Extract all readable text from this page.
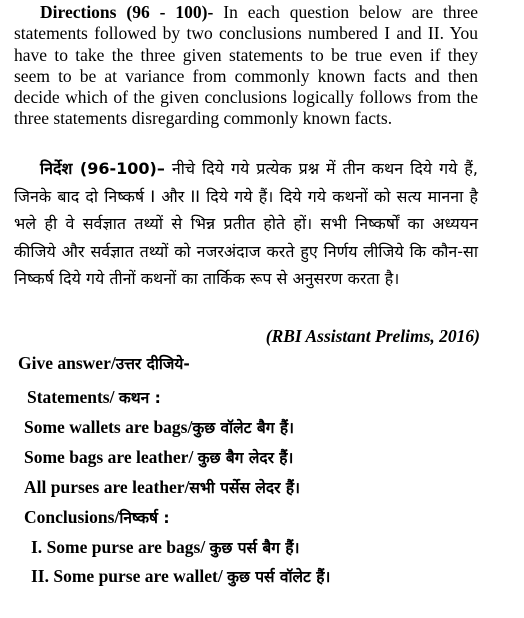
Directions (96 - 100)- In each question below are three statements followed by two conclusions numbered I and II. You have to take the three given statements to be true even if they seem to be at variance from commonly known facts and then decide which of the given conclusions logically follows from the three statements disregarding commonly known facts.
निर्देश (96-100)– नीचे दिये गये प्रत्येक प्रश्न में तीन कथन दिये गये हैं, जिनके बाद दो निष्कर्ष I और II दिये गये हैं। दिये गये कथनों को सत्य मानना है भले ही वे सर्वज्ञात तथ्यों से भिन्न प्रतीत होते हों। सभी निष्कर्षों का अध्ययन कीजिये और सर्वज्ञात तथ्यों को नजरअंदाज करते हुए निर्णय लीजिये कि कौन-सा निष्कर्ष दिये गये तीनों कथनों का तार्किक रूप से अनुसरण करता है।
(RBI Assistant Prelims, 2016)
Give answer/उत्तर दीजिये-
Statements/ कथन :
Some wallets are bags/कुछ वॉलेट बैग हैं।
Some bags are leather/ कुछ बैग लेदर हैं।
All purses are leather/सभी पर्सेस लेदर हैं।
Conclusions/निष्कर्ष :
I. Some purse are bags/ कुछ पर्स बैग हैं।
II. Some purse are wallet/ कुछ पर्स वॉलेट हैं।
